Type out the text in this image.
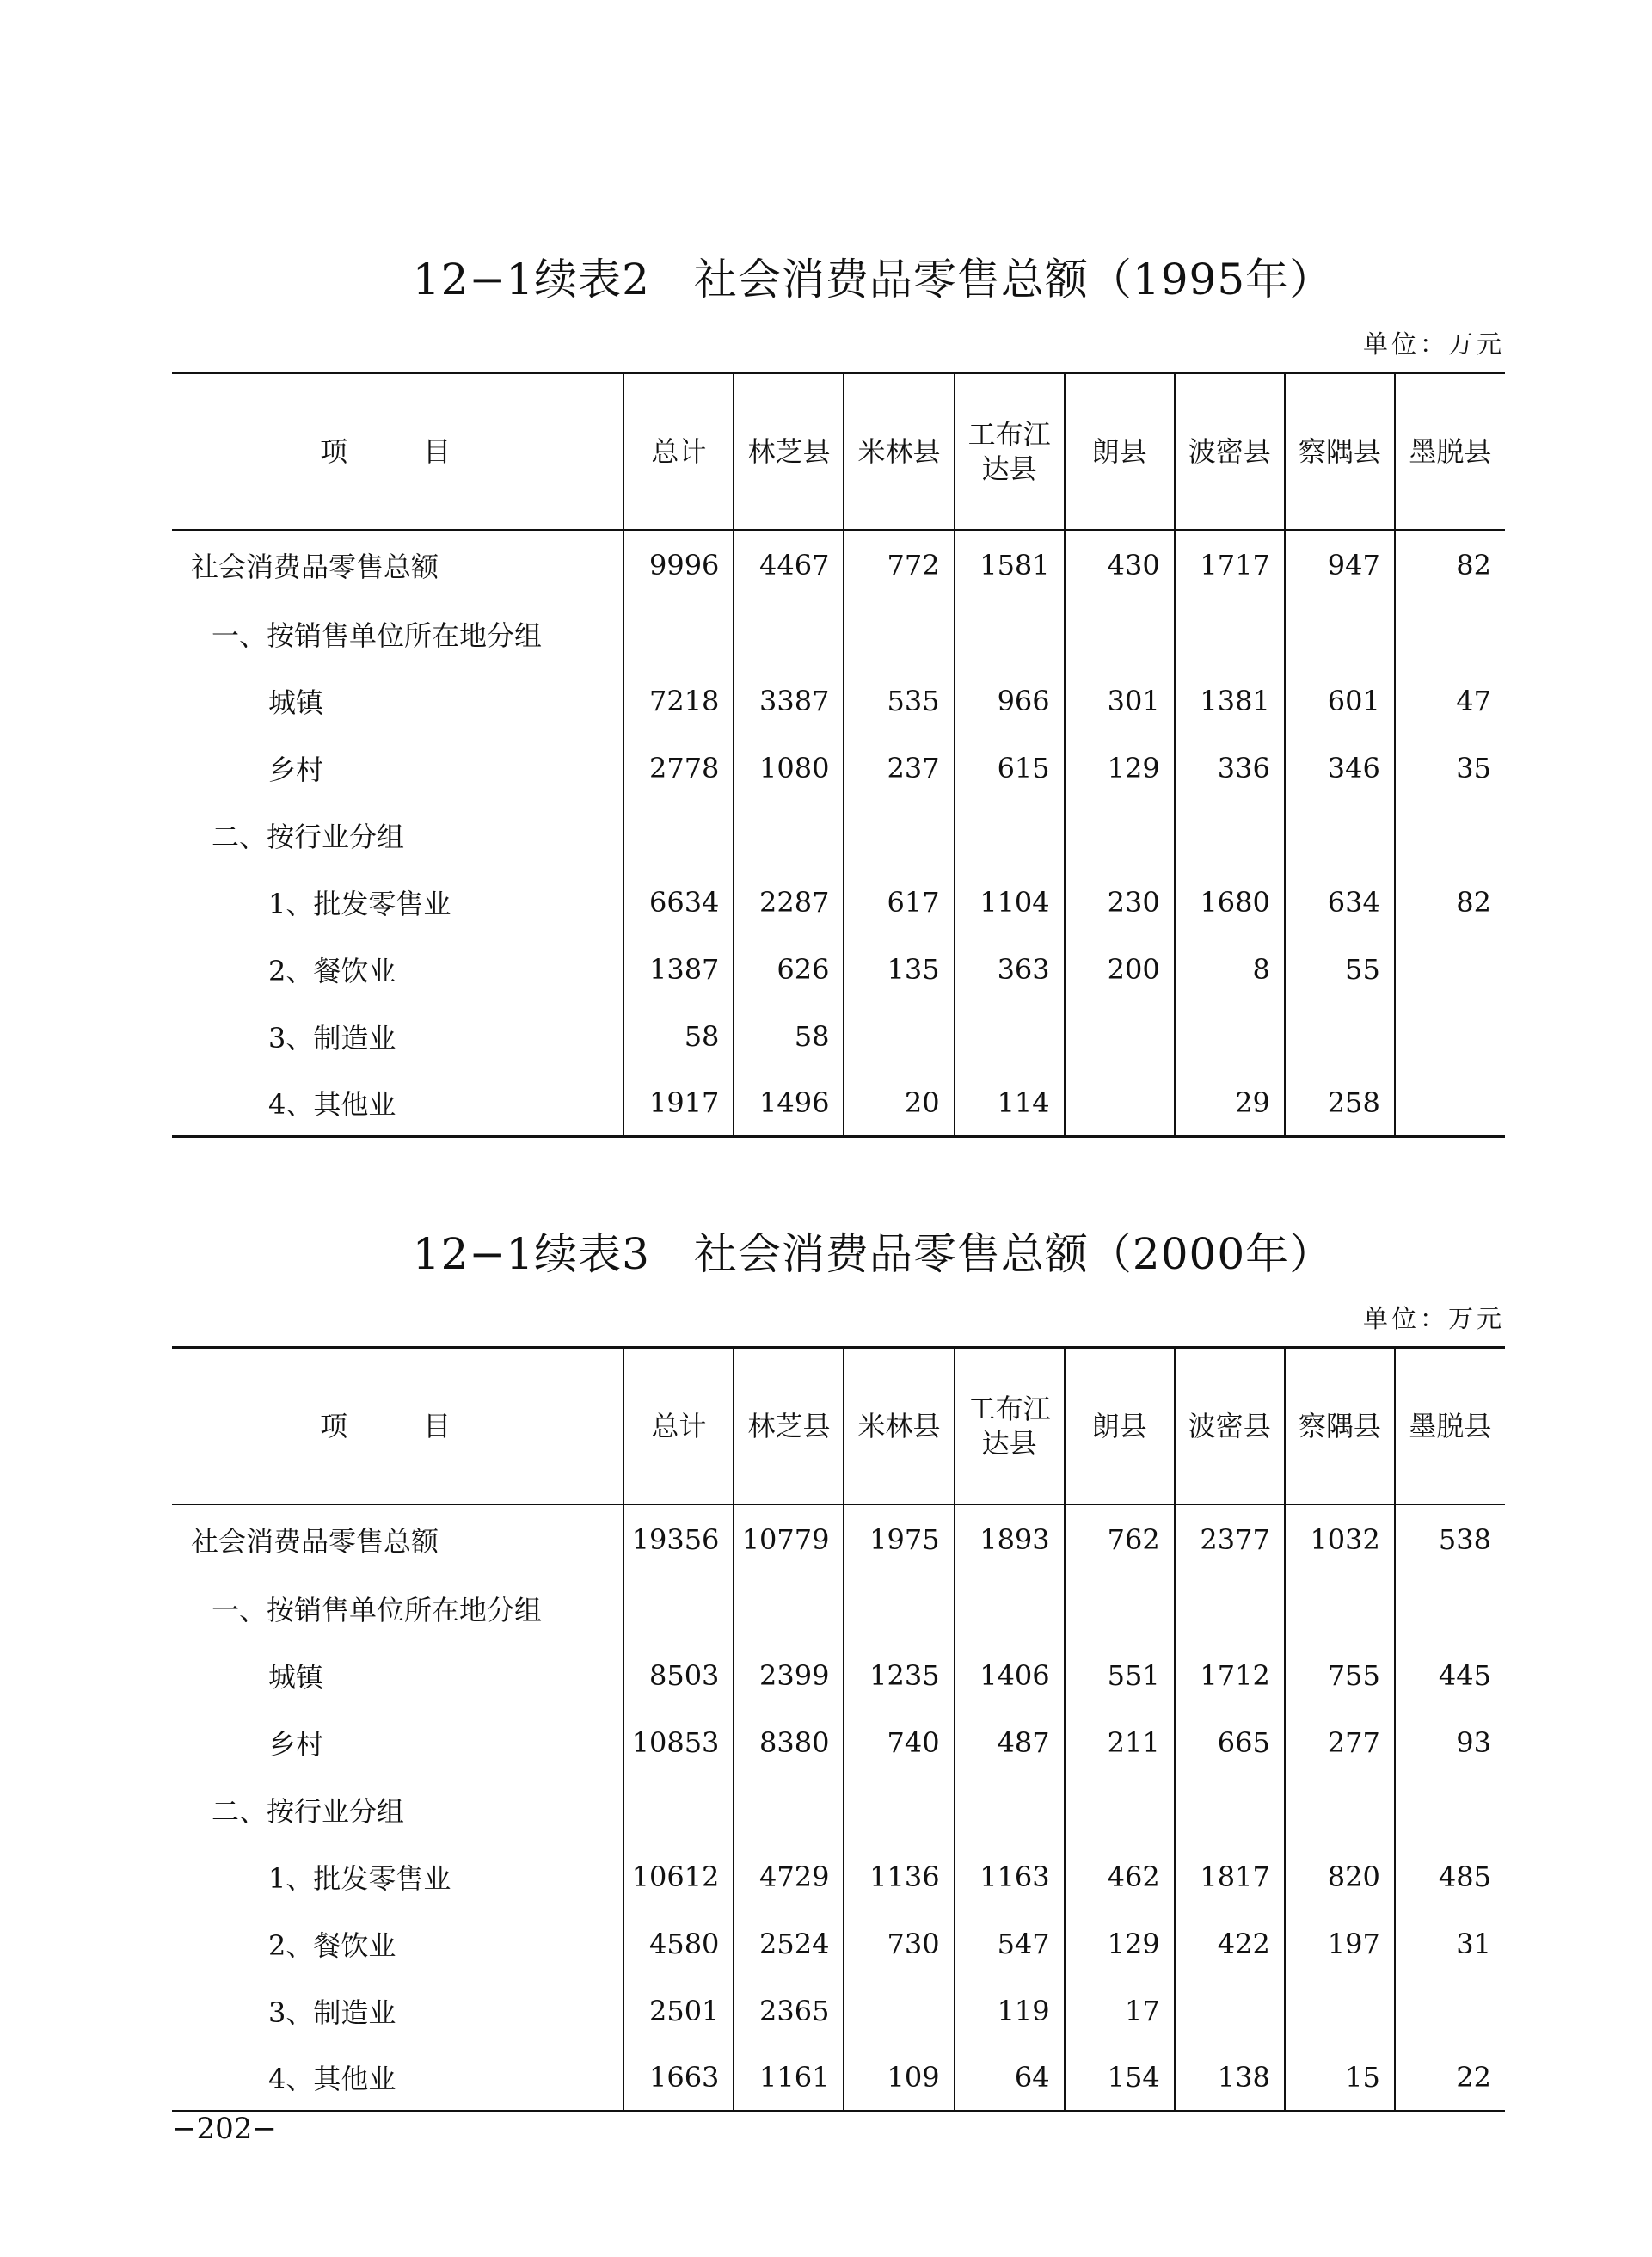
12−1续表2　社会消费品零售总额（1995年）
单位：万元
项　目	总计	林芝县	米林县	工布江达县	朗县	波密县	察隅县	墨脱县
社会消费品零售总额	9996	4467	772	1581	430	1717	947	82
一、按销售单位所在地分组								
城镇	7218	3387	535	966	301	1381	601	47
乡村	2778	1080	237	615	129	336	346	35
二、按行业分组								
1、批发零售业	6634	2287	617	1104	230	1680	634	82
2、餐饮业	1387	626	135	363	200	8	55	
3、制造业	58	58						
4、其他业	1917	1496	20	114		29	258	
12−1续表3　社会消费品零售总额（2000年）
单位：万元
项　目	总计	林芝县	米林县	工布江达县	朗县	波密县	察隅县	墨脱县
社会消费品零售总额	19356	10779	1975	1893	762	2377	1032	538
一、按销售单位所在地分组								
城镇	8503	2399	1235	1406	551	1712	755	445
乡村	10853	8380	740	487	211	665	277	93
二、按行业分组								
1、批发零售业	10612	4729	1136	1163	462	1817	820	485
2、餐饮业	4580	2524	730	547	129	422	197	31
3、制造业	2501	2365		119	17			
4、其他业	1663	1161	109	64	154	138	15	22
−202−
